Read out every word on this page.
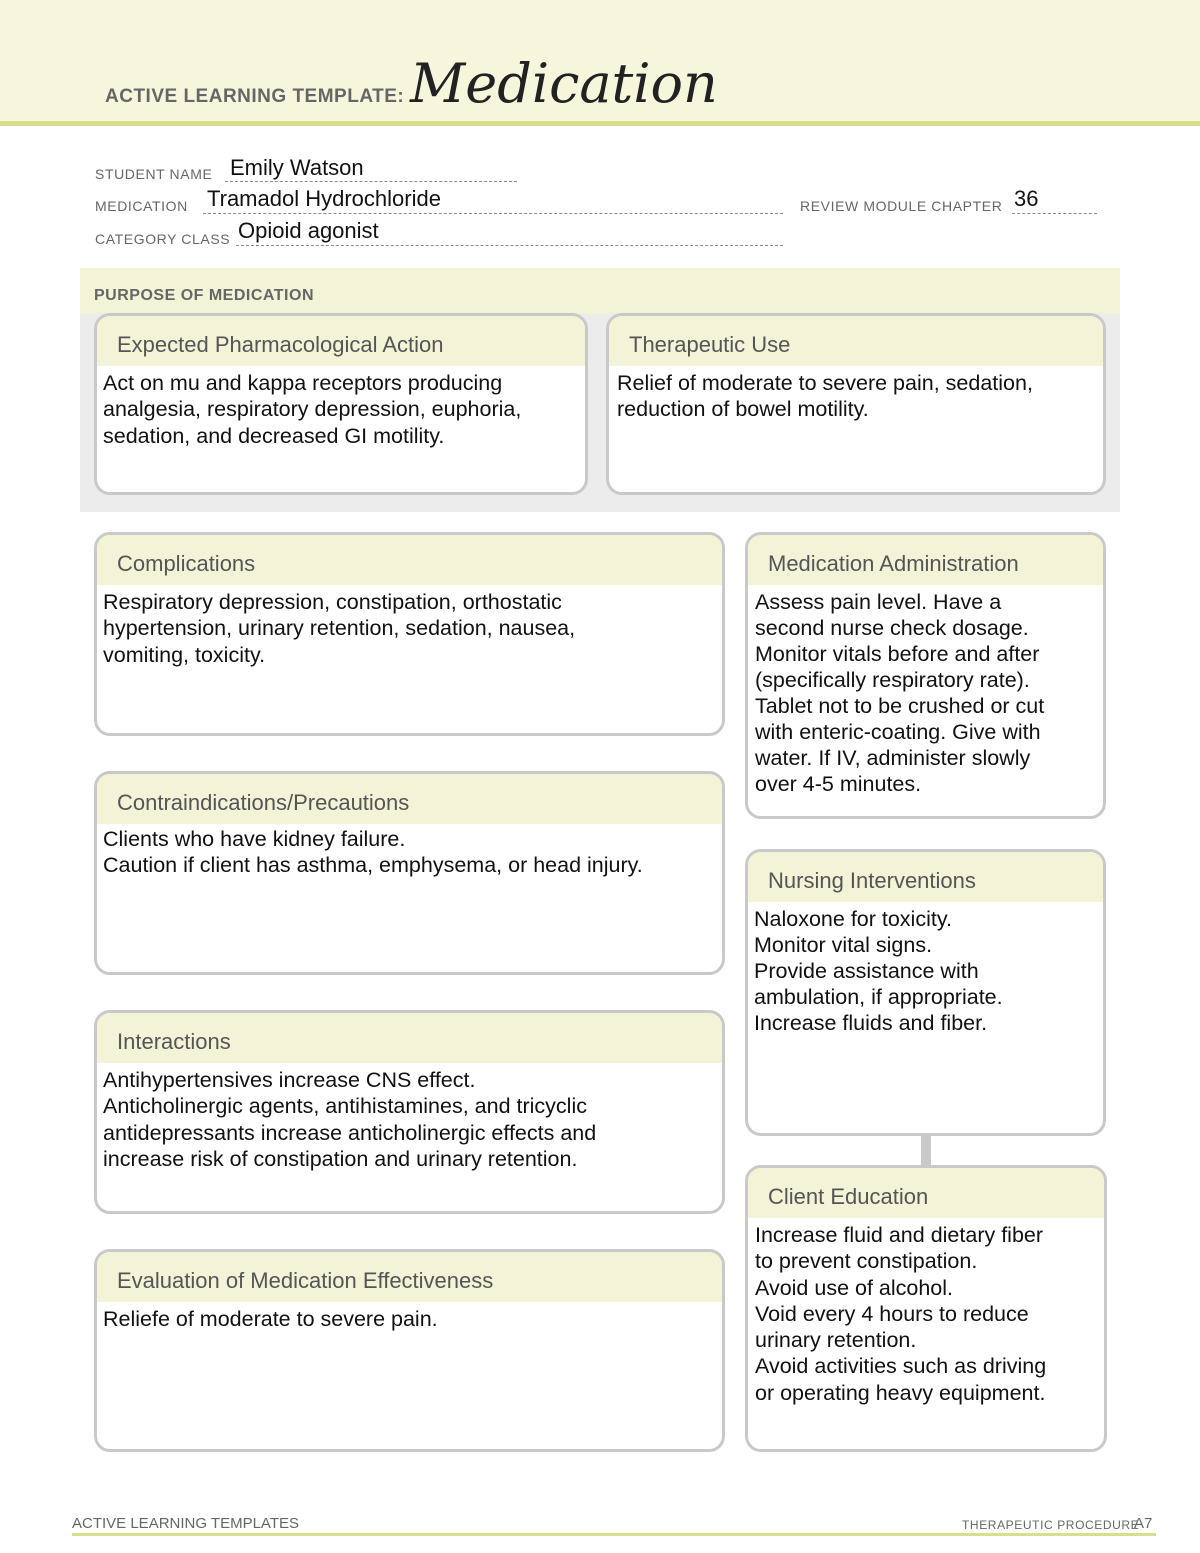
ACTIVE LEARNING TEMPLATE: Medication
STUDENT NAME Emily Watson
MEDICATION Tramadol Hydrochloride	REVIEW MODULE CHAPTER 36
CATEGORY CLASS Opioid agonist
PURPOSE OF MEDICATION
Expected Pharmacological Action
Act on mu and kappa receptors producing
analgesia, respiratory depression, euphoria,
sedation, and decreased GI motility.
Therapeutic Use
Relief of moderate to severe pain, sedation,
reduction of bowel motility.
Complications
Respiratory depression, constipation, orthostatic
hypertension, urinary retention, sedation, nausea,
vomiting, toxicity.
Contraindications/Precautions
Clients who have kidney failure.
Caution if client has asthma, emphysema, or head injury.
Interactions
Antihypertensives increase CNS effect.
Anticholinergic agents, antihistamines, and tricyclic
antidepressants increase anticholinergic effects and
increase risk of constipation and urinary retention.
Evaluation of Medication Effectiveness
Reliefe of moderate to severe pain.
Medication Administration
Assess pain level. Have a
second nurse check dosage.
Monitor vitals before and after
(specifically respiratory rate).
Tablet not to be crushed or cut
with enteric-coating. Give with
water. If IV, administer slowly
over 4-5 minutes.
Nursing Interventions
Naloxone for toxicity.
Monitor vital signs.
Provide assistance with
ambulation, if appropriate.
Increase fluids and fiber.
Client Education
Increase fluid and dietary fiber
to prevent constipation.
Avoid use of alcohol.
Void every 4 hours to reduce
urinary retention.
Avoid activities such as driving
or operating heavy equipment.
ACTIVE LEARNING TEMPLATES	THERAPEUTIC PROCEDURE
A7
